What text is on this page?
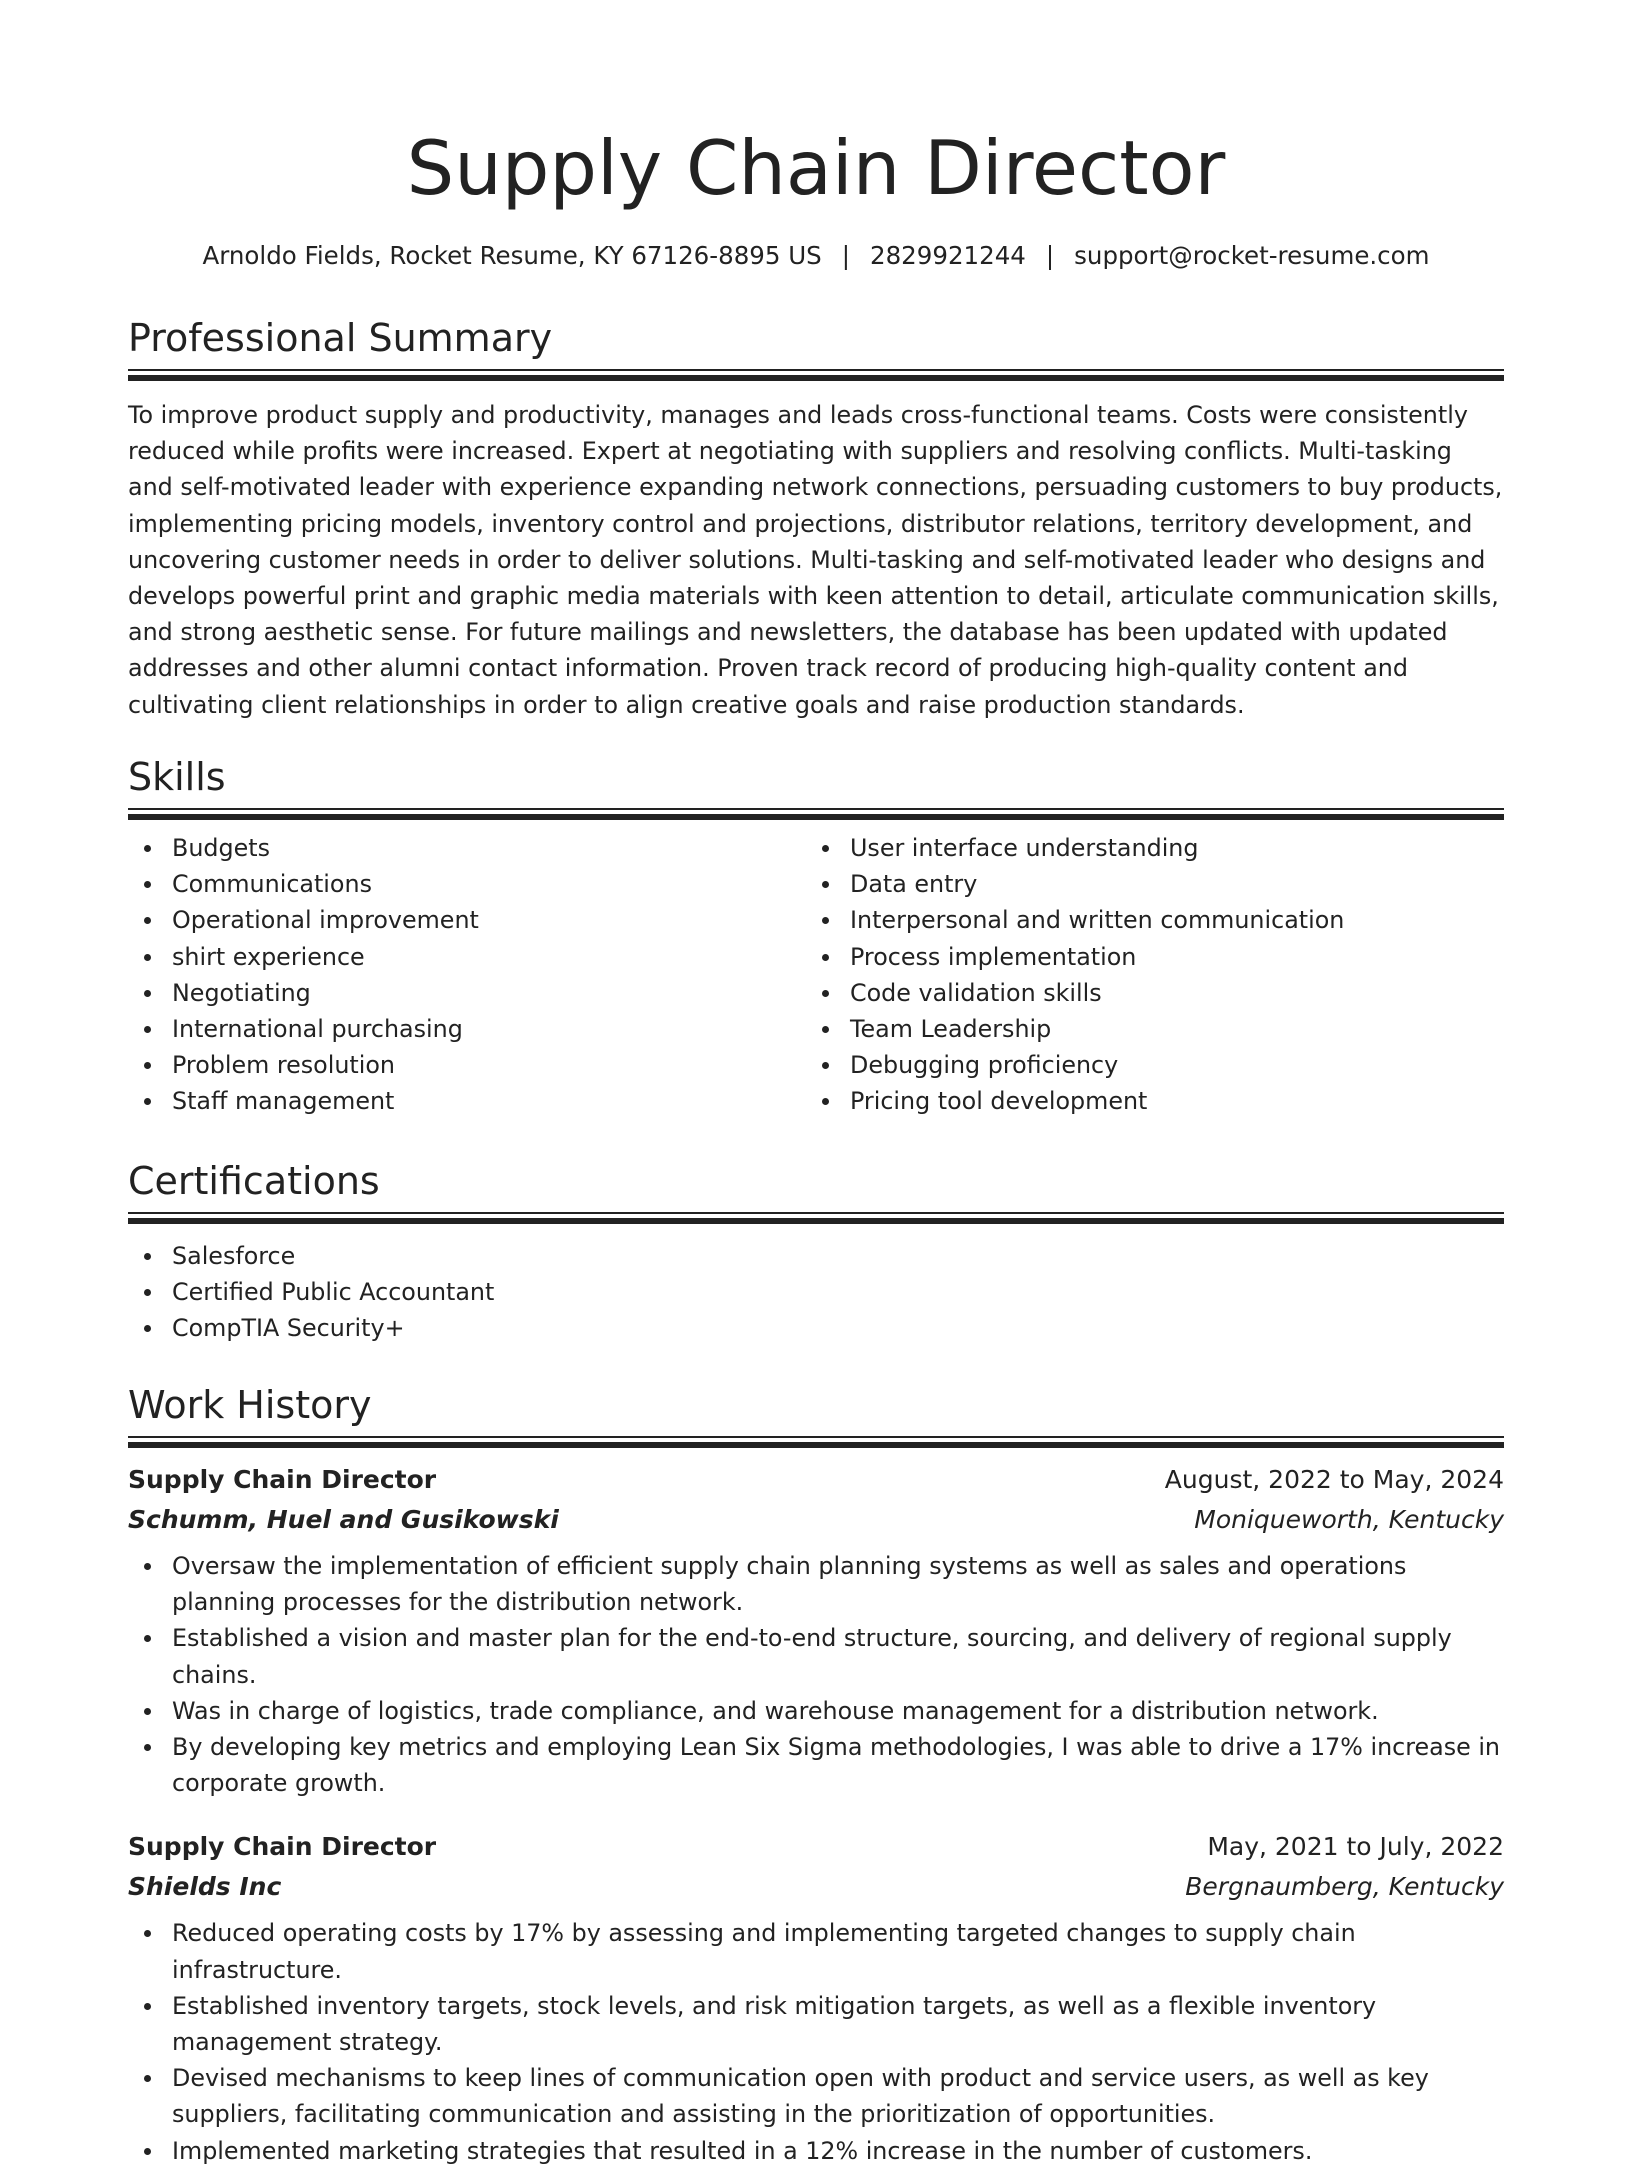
Supply Chain Director
Arnoldo Fields, Rocket Resume, KY 67126-8895 US | 2829921244 | support@rocket-resume.com
Professional Summary

To improve product supply and productivity, manages and leads cross-functional teams. Costs were consistently reduced while profits were increased. Expert at negotiating with suppliers and resolving conflicts. Multi-tasking and self-motivated leader with experience expanding network connections, persuading customers to buy products, implementing pricing models, inventory control and projections, distributor relations, territory development, and uncovering customer needs in order to deliver solutions. Multi-tasking and self-motivated leader who designs and develops powerful print and graphic media materials with keen attention to detail, articulate communication skills, and strong aesthetic sense. For future mailings and newsletters, the database has been updated with updated addresses and other alumni contact information. Proven track record of producing high-quality content and cultivating client relationships in order to align creative goals and raise production standards.

Skills
Budgets
Communications
Operational improvement
shirt experience
Negotiating
International purchasing
Problem resolution
Staff management
User interface understanding
Data entry
Interpersonal and written communication
Process implementation
Code validation skills
Team Leadership
Debugging proficiency
Pricing tool development
Certifications
Salesforce
Certified Public Accountant
CompTIA Security+
Work History
Supply Chain Director	August, 2022 to May, 2024
Schumm, Huel and Gusikowski	Moniqueworth, Kentucky
Oversaw the implementation of efficient supply chain planning systems as well as sales and operations planning processes for the distribution network.
Established a vision and master plan for the end-to-end structure, sourcing, and delivery of regional supply chains.
Was in charge of logistics, trade compliance, and warehouse management for a distribution network.
By developing key metrics and employing Lean Six Sigma methodologies, I was able to drive a 17% increase in corporate growth.
Supply Chain Director	May, 2021 to July, 2022
Shields Inc	Bergnaumberg, Kentucky
Reduced operating costs by 17% by assessing and implementing targeted changes to supply chain infrastructure.
Established inventory targets, stock levels, and risk mitigation targets, as well as a flexible inventory management strategy.
Devised mechanisms to keep lines of communication open with product and service users, as well as key suppliers, facilitating communication and assisting in the prioritization of opportunities.
Implemented marketing strategies that resulted in a 12% increase in the number of customers.
